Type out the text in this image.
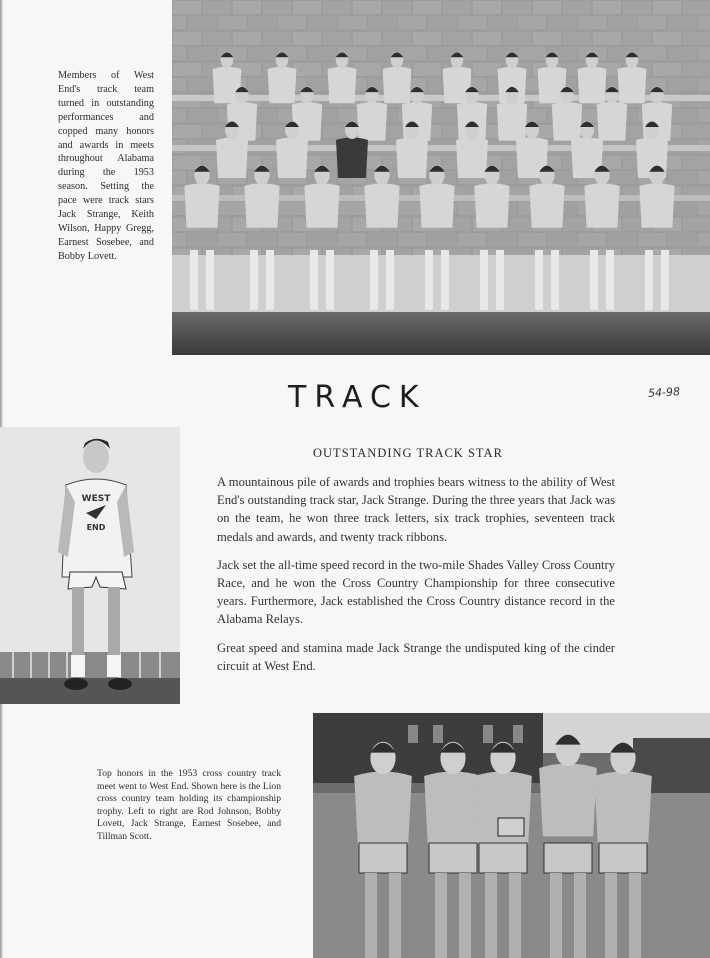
Members of West End's track team turned in outstanding performances and copped many honors and awards in meets throughout Alabama during the 1953 season. Setting the pace were track stars Jack Strange, Keith Wilson, Happy Gregg, Earnest Sosebee, and Bobby Lovett.
TRACK	54-98
WEST
END
OUTSTANDING TRACK STAR

A mountainous pile of awards and trophies bears witness to the ability of West End's outstanding track star, Jack Strange. During the three years that Jack was on the team, he won three track letters, six track trophies, seventeen track medals and awards, and twenty track ribbons.

Jack set the all-time speed record in the two-mile Shades Valley Cross Country Race, and he won the Cross Country Championship for three consecutive years. Furthermore, Jack established the Cross Country distance record in the Alabama Relays.

Great speed and stamina made Jack Strange the undisputed king of the cinder circuit at West End.

Top honors in the 1953 cross country track meet went to West End. Shown here is the Lion cross country team holding its championship trophy. Left to right are Rod Johnson, Bobby Lovett, Jack Strange, Earnest Sosebee, and Tillman Scott.
